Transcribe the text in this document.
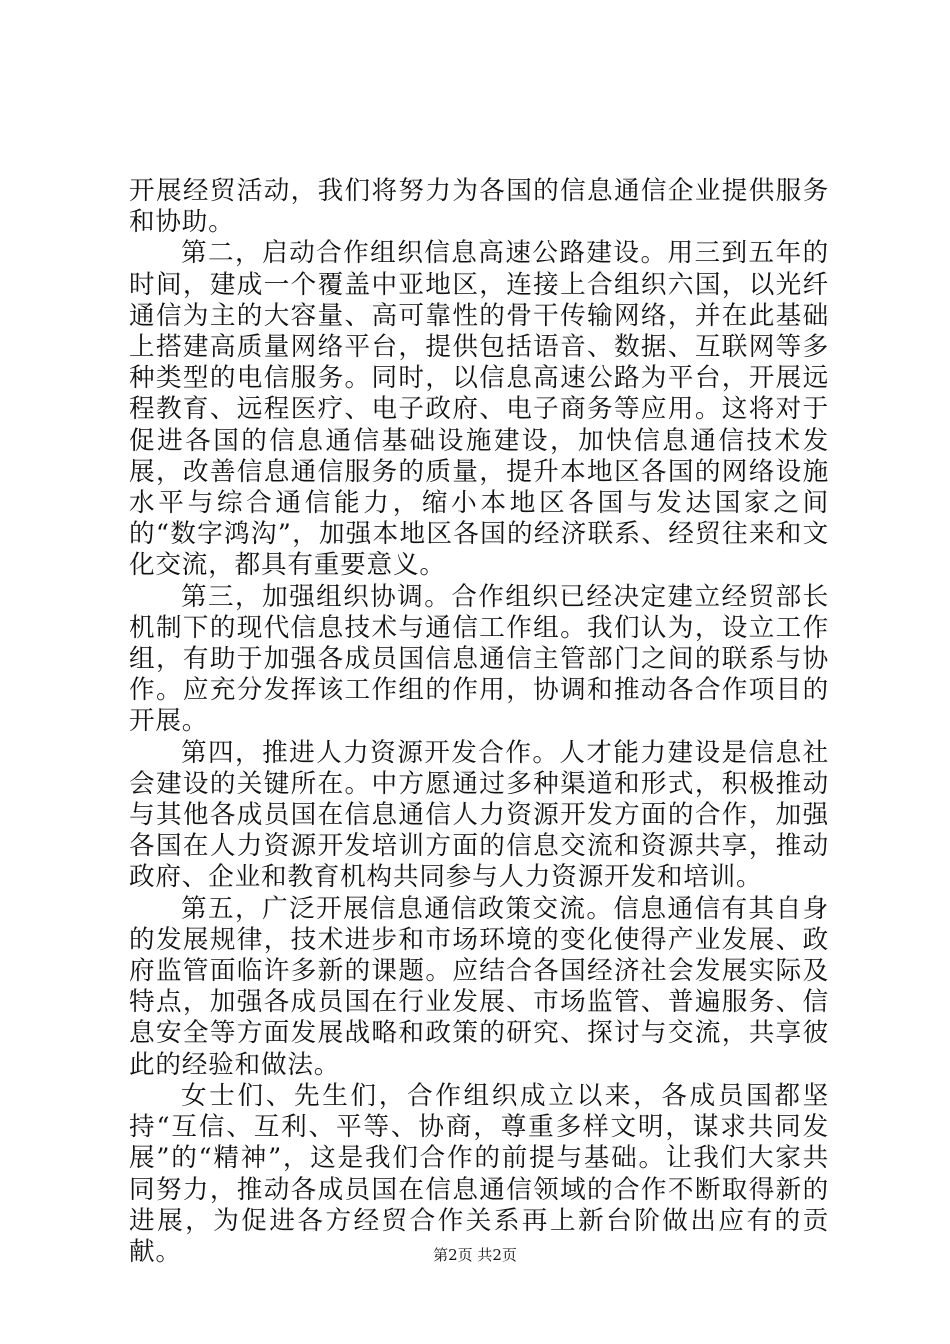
开展经贸活动，我们将努力为各国的信息通信企业提供服务和协助。

第二，启动合作组织信息高速公路建设。用三到五年的时间，建成一个覆盖中亚地区，连接上合组织六国，以光纤通信为主的大容量、高可靠性的骨干传输网络，并在此基础上搭建高质量网络平台，提供包括语音、数据、互联网等多种类型的电信服务。同时，以信息高速公路为平台，开展远程教育、远程医疗、电子政府、电子商务等应用。这将对于促进各国的信息通信基础设施建设，加快信息通信技术发展，改善信息通信服务的质量，提升本地区各国的网络设施水平与综合通信能力，缩小本地区各国与发达国家之间的“数字鸿沟”，加强本地区各国的经济联系、经贸往来和文化交流，都具有重要意义。

第三，加强组织协调。合作组织已经决定建立经贸部长机制下的现代信息技术与通信工作组。我们认为，设立工作组，有助于加强各成员国信息通信主管部门之间的联系与协作。应充分发挥该工作组的作用，协调和推动各合作项目的开展。

第四，推进人力资源开发合作。人才能力建设是信息社会建设的关键所在。中方愿通过多种渠道和形式，积极推动与其他各成员国在信息通信人力资源开发方面的合作，加强各国在人力资源开发培训方面的信息交流和资源共享，推动政府、企业和教育机构共同参与人力资源开发和培训。

第五，广泛开展信息通信政策交流。信息通信有其自身的发展规律，技术进步和市场环境的变化使得产业发展、政府监管面临许多新的课题。应结合各国经济社会发展实际及特点，加强各成员国在行业发展、市场监管、普遍服务、信息安全等方面发展战略和政策的研究、探讨与交流，共享彼此的经验和做法。

女士们、先生们，合作组织成立以来，各成员国都坚持“互信、互利、平等、协商，尊重多样文明，谋求共同发展”的“精神”，这是我们合作的前提与基础。让我们大家共同努力，推动各成员国在信息通信领域的合作不断取得新的进展，为促进各方经贸合作关系再上新台阶做出应有的贡献。	第2页 共2页
